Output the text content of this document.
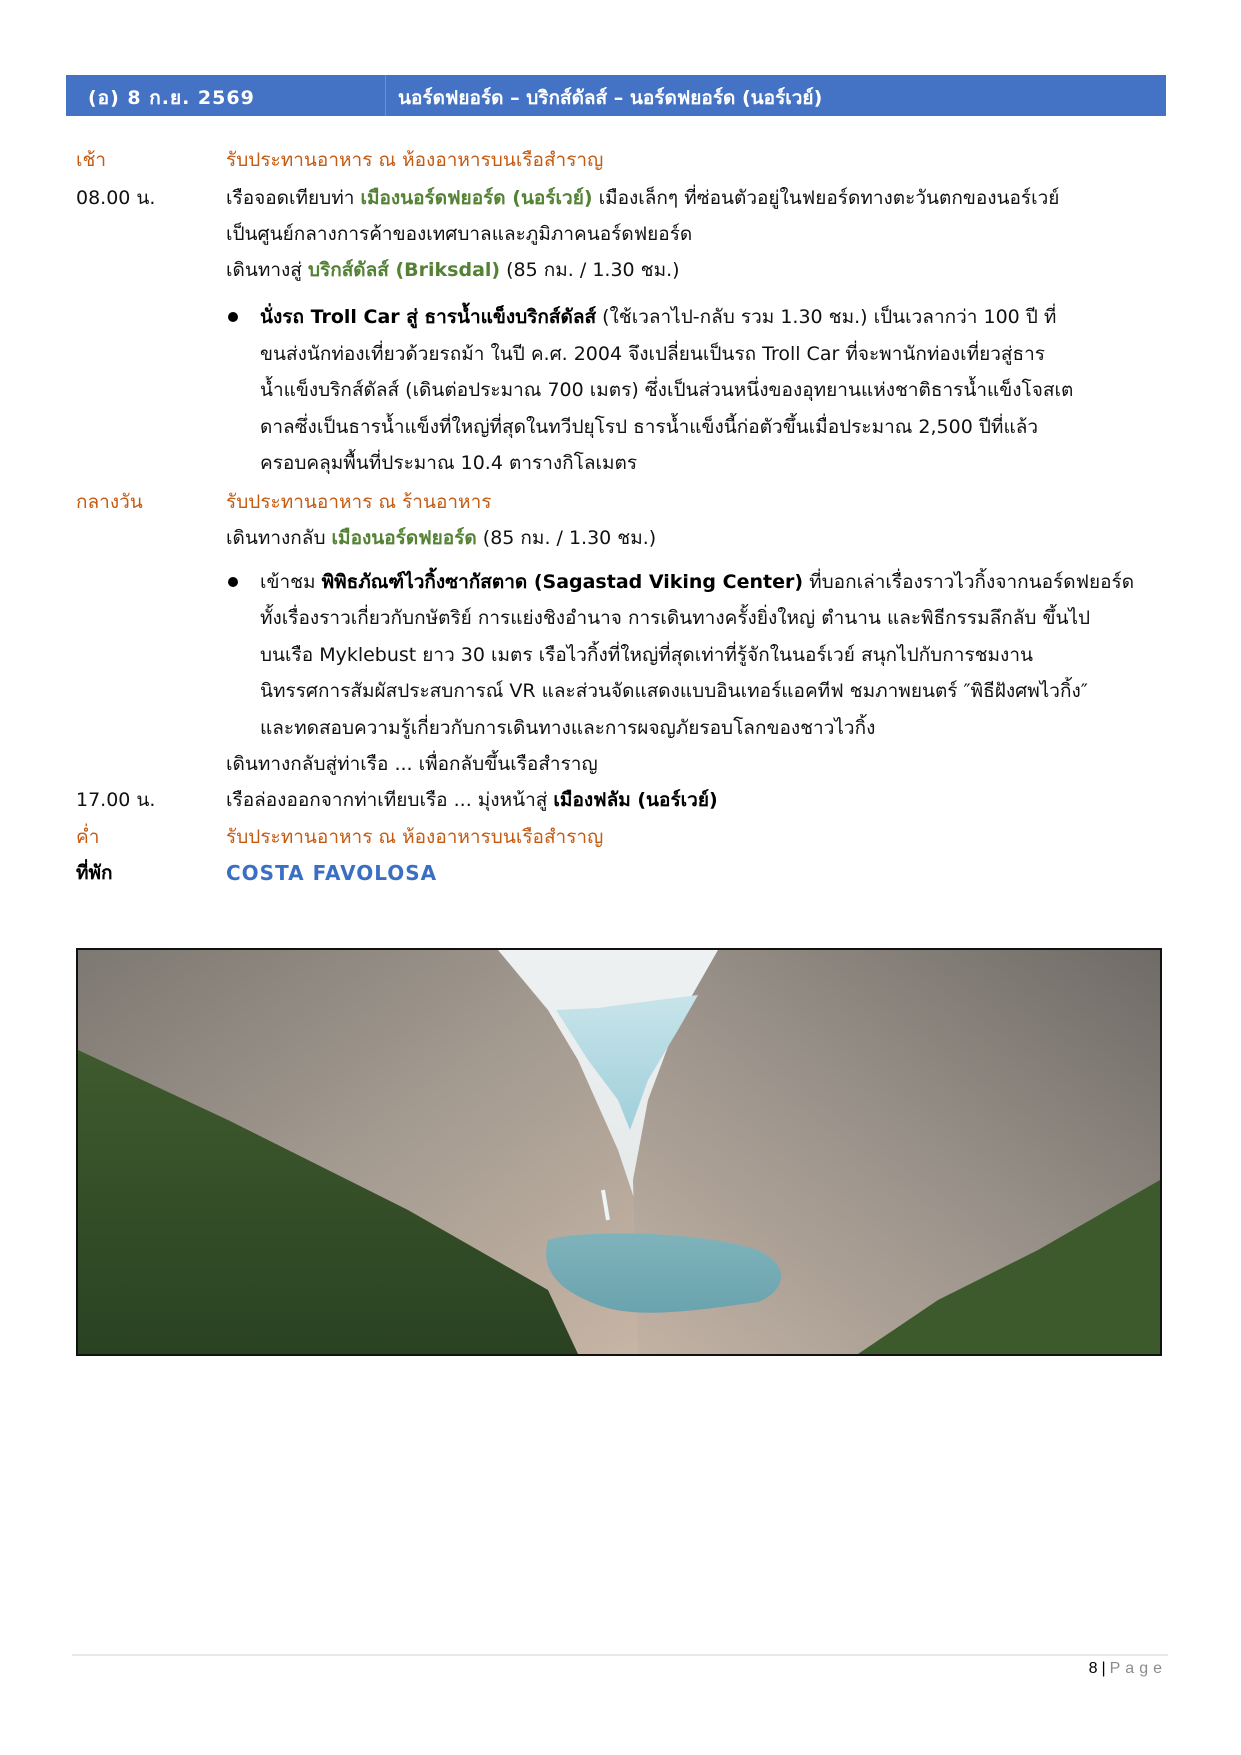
(อ) 8 ก.ย. 2569	นอร์ดฟยอร์ด – บริกส์ดัลส์ – นอร์ดฟยอร์ด (นอร์เวย์)
เช้า	รับประทานอาหาร ณ ห้องอาหารบนเรือสำราญ
08.00 น.	เรือจอดเทียบท่า เมืองนอร์ดฟยอร์ด (นอร์เวย์) เมืองเล็กๆ ที่ซ่อนตัวอยู่ในฟยอร์ดทางตะวันตกของนอร์เวย์
เป็นศูนย์กลางการค้าของเทศบาลและภูมิภาคนอร์ดฟยอร์ด
เดินทางสู่ บริกส์ดัลส์ (Briksdal) (85 กม. / 1.30 ชม.)
นั่งรถ Troll Car สู่ ธารน้ำแข็งบริกส์ดัลส์ (ใช้เวลาไป-กลับ รวม 1.30 ชม.) เป็นเวลากว่า 100 ปี ที่
ขนส่งนักท่องเที่ยวด้วยรถม้า ในปี ค.ศ. 2004 จึงเปลี่ยนเป็นรถ Troll Car ที่จะพานักท่องเที่ยวสู่ธาร
น้ำแข็งบริกส์ดัลส์ (เดินต่อประมาณ 700 เมตร) ซึ่งเป็นส่วนหนึ่งของอุทยานแห่งชาติธารน้ำแข็งโจสเต
ดาลซึ่งเป็นธารน้ำแข็งที่ใหญ่ที่สุดในทวีปยุโรป ธารน้ำแข็งนี้ก่อตัวขึ้นเมื่อประมาณ 2,500 ปีที่แล้ว
ครอบคลุมพื้นที่ประมาณ 10.4 ตารางกิโลเมตร
กลางวัน	รับประทานอาหาร ณ ร้านอาหาร
เดินทางกลับ เมืองนอร์ดฟยอร์ด (85 กม. / 1.30 ชม.)
เข้าชม พิพิธภัณฑ์ไวกิ้งซากัสตาด (Sagastad Viking Center) ที่บอกเล่าเรื่องราวไวกิ้งจากนอร์ดฟยอร์ด
ทั้งเรื่องราวเกี่ยวกับกษัตริย์ การแย่งชิงอำนาจ การเดินทางครั้งยิ่งใหญ่ ตำนาน และพิธีกรรมลึกลับ ขึ้นไป
บนเรือ Myklebust ยาว 30 เมตร เรือไวกิ้งที่ใหญ่ที่สุดเท่าที่รู้จักในนอร์เวย์ สนุกไปกับการชมงาน
นิทรรศการสัมผัสประสบการณ์ VR และส่วนจัดแสดงแบบอินเทอร์แอคทีฟ ชมภาพยนตร์ ″พิธีฝังศพไวกิ้ง″
และทดสอบความรู้เกี่ยวกับการเดินทางและการผจญภัยรอบโลกของชาวไวกิ้ง
เดินทางกลับสู่ท่าเรือ ... เพื่อกลับขึ้นเรือสำราญ
17.00 น.	เรือล่องออกจากท่าเทียบเรือ ... มุ่งหน้าสู่ เมืองฟลัม (นอร์เวย์)
ค่ำ	รับประทานอาหาร ณ ห้องอาหารบนเรือสำราญ
ที่พัก	COSTA FAVOLOSA
8 | Page
